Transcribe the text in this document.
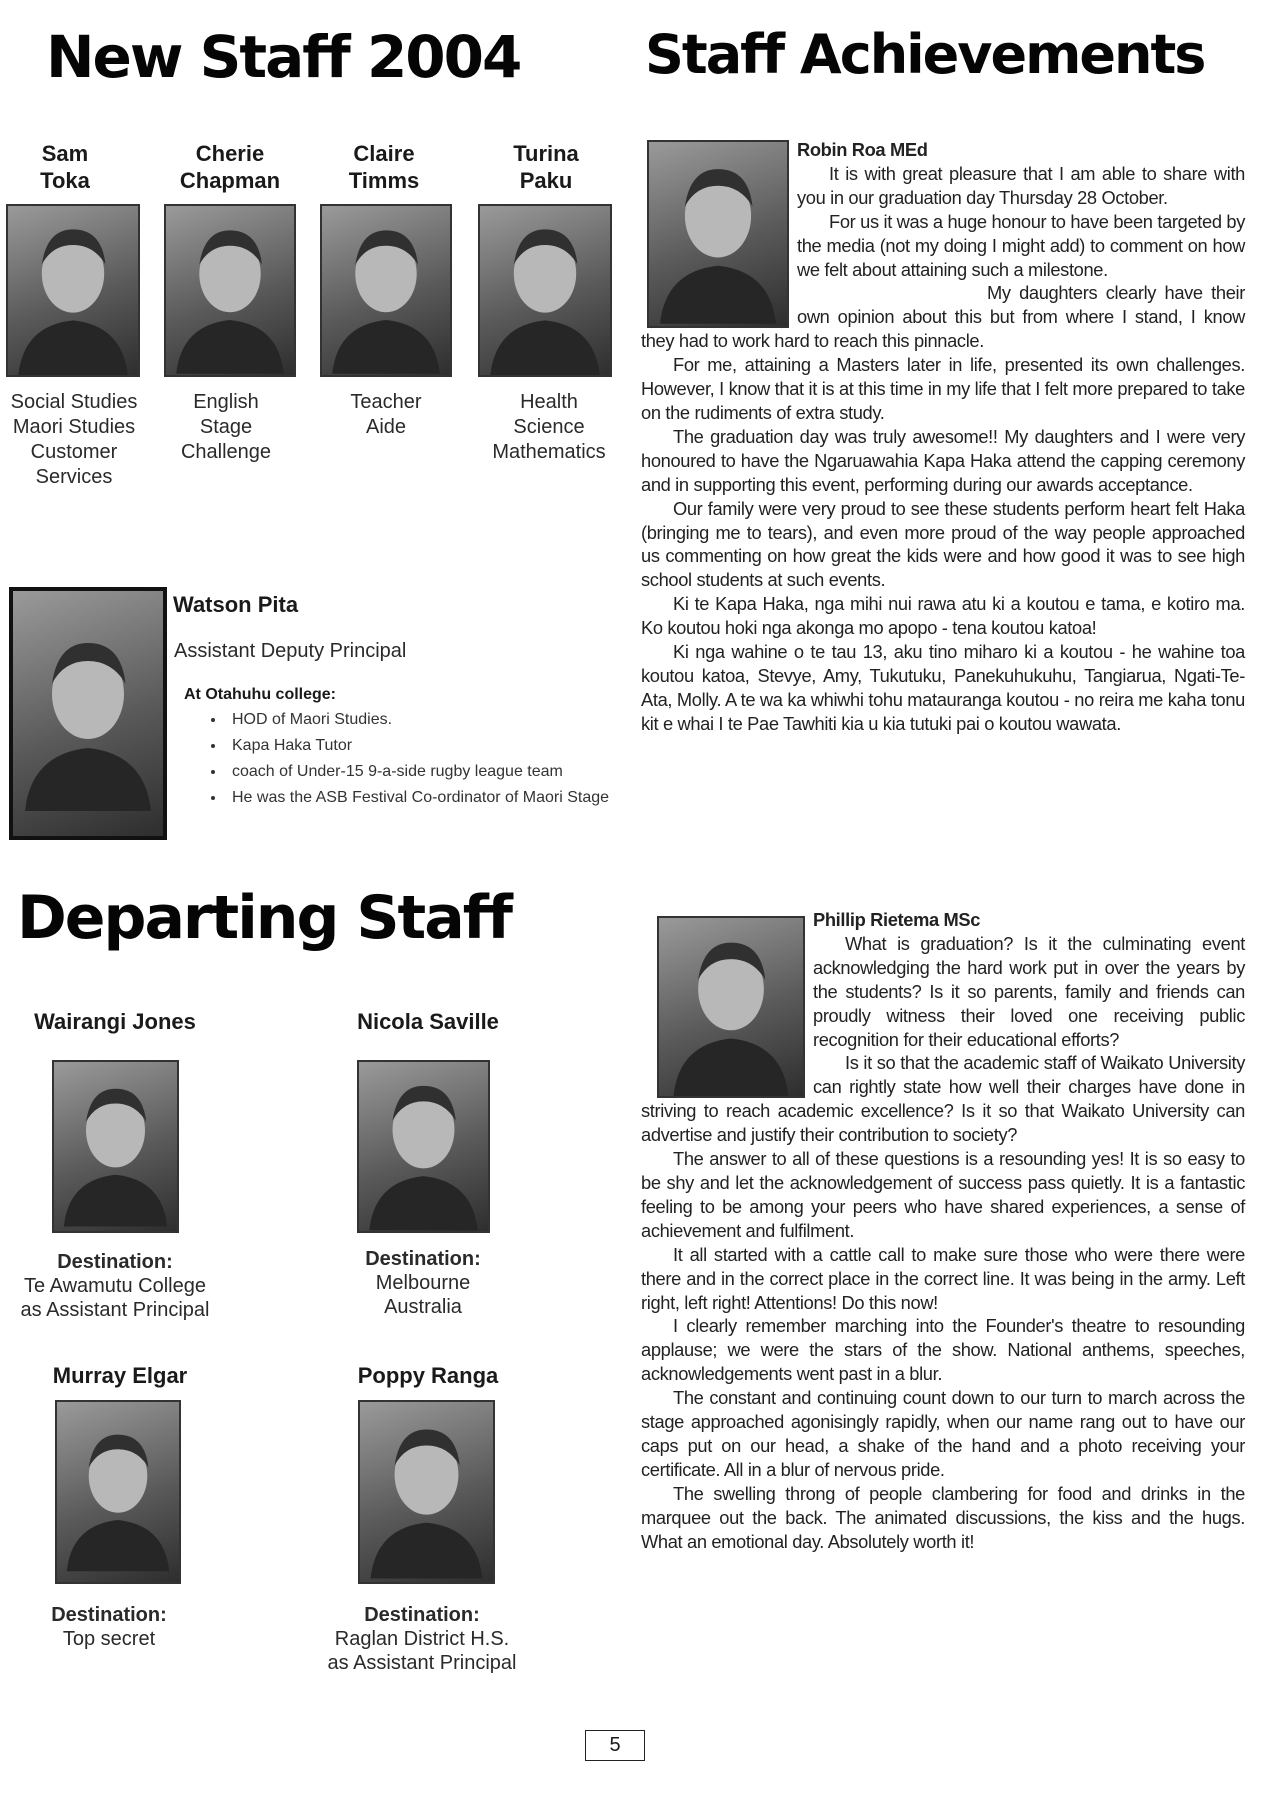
New Staff 2004
Sam
Toka
Social Studies
Maori Studies
Customer
Services
Cherie
Chapman
English
Stage
Challenge
Claire
Timms
Teacher
Aide
Turina
Paku
Health
Science
Mathematics
Watson Pita
Assistant Deputy Principal
At Otahuhu college:
• HOD of Maori Studies.
• Kapa Haka Tutor
• coach of Under-15 9-a-side rugby league team
• He was the ASB Festival Co-ordinator of Maori Stage
Departing Staff
Wairangi Jones
Destination:
Te Awamutu College
as Assistant Principal
Nicola Saville
Destination:
Melbourne
Australia
Murray Elgar
Destination:
Top secret
Poppy Ranga
Destination:
Raglan District H.S.
as Assistant Principal
Staff Achievements

Robin Roa MEd

It is with great pleasure that I am able to share with you in our graduation day Thursday 28 October.

For us it was a huge honour to have been targeted by the media (not my doing I might add) to comment on how we felt about attaining such a milestone.

My daughters clearly have their own opinion about this but from where I stand, I know they had to work hard to reach this pinnacle.

For me, attaining a Masters later in life, presented its own challenges. However, I know that it is at this time in my life that I felt more prepared to take on the rudiments of extra study.

The graduation day was truly awesome!! My daughters and I were very honoured to have the Ngaruawahia Kapa Haka attend the capping ceremony and in supporting this event, performing during our awards acceptance.

Our family were very proud to see these students perform heart felt Haka (bringing me to tears), and even more proud of the way people approached us commenting on how great the kids were and how good it was to see high school students at such events.

Ki te Kapa Haka, nga mihi nui rawa atu ki a koutou e tama, e kotiro ma. Ko koutou hoki nga akonga mo apopo - tena koutou katoa!

Ki nga wahine o te tau 13, aku tino miharo ki a koutou - he wahine toa koutou katoa, Stevye, Amy, Tukutuku, Panekuhukuhu, Tangiarua, Ngati-Te-Ata, Molly. A te wa ka whiwhi tohu matauranga koutou - no reira me kaha tonu kit e whai I te Pae Tawhiti kia u kia tutuki pai o koutou wawata.

Phillip Rietema MSc

What is graduation? Is it the culminating event acknowledging the hard work put in over the years by the students? Is it so parents, family and friends can proudly witness their loved one receiving public recognition for their educational efforts?

Is it so that the academic staff of Waikato University can rightly state how well their charges have done in striving to reach academic excellence? Is it so that Waikato University can advertise and justify their contribution to society?

The answer to all of these questions is a resounding yes! It is so easy to be shy and let the acknowledgement of success pass quietly. It is a fantastic feeling to be among your peers who have shared experiences, a sense of achievement and fulfilment.

It all started with a cattle call to make sure those who were there were there and in the correct place in the correct line. It was being in the army. Left right, left right! Attentions! Do this now!

I clearly remember marching into the Founder's theatre to resounding applause; we were the stars of the show. National anthems, speeches, acknowledgements went past in a blur.

The constant and continuing count down to our turn to march across the stage approached agonisingly rapidly, when our name rang out to have our caps put on our head, a shake of the hand and a photo receiving your certificate. All in a blur of nervous pride.

The swelling throng of people clambering for food and drinks in the marquee out the back. The animated discussions, the kiss and the hugs. What an emotional day. Absolutely worth it!

5
